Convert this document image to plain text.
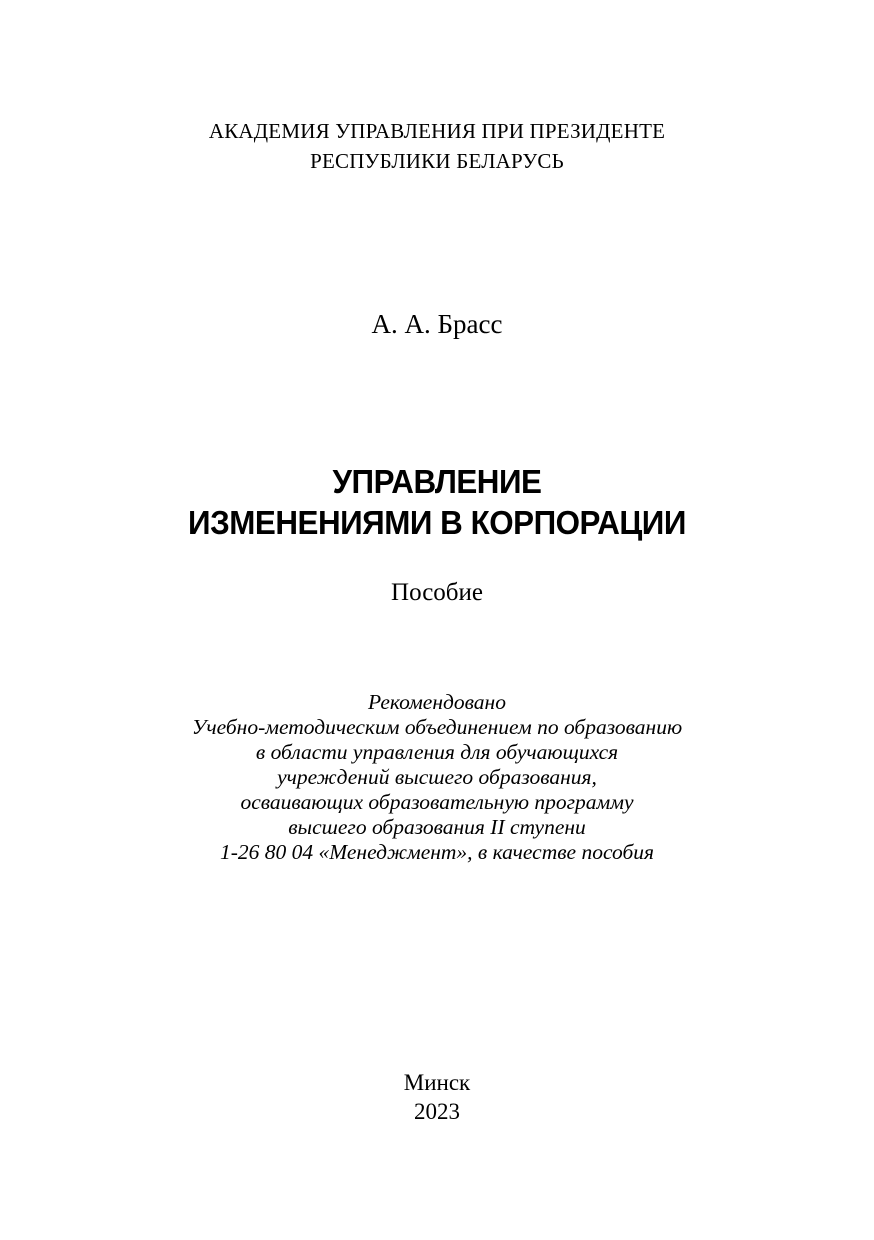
АКАДЕМИЯ УПРАВЛЕНИЯ ПРИ ПРЕЗИДЕНТЕ
РЕСПУБЛИКИ БЕЛАРУСЬ
А. А. Брасс
УПРАВЛЕНИЕ
ИЗМЕНЕНИЯМИ В КОРПОРАЦИИ
Пособие
Рекомендовано
Учебно-методическим объединением по образованию
в области управления для обучающихся
учреждений высшего образования,
осваивающих образовательную программу
высшего образования II ступени
1-26 80 04 «Менеджмент», в качестве пособия
Минск
2023
